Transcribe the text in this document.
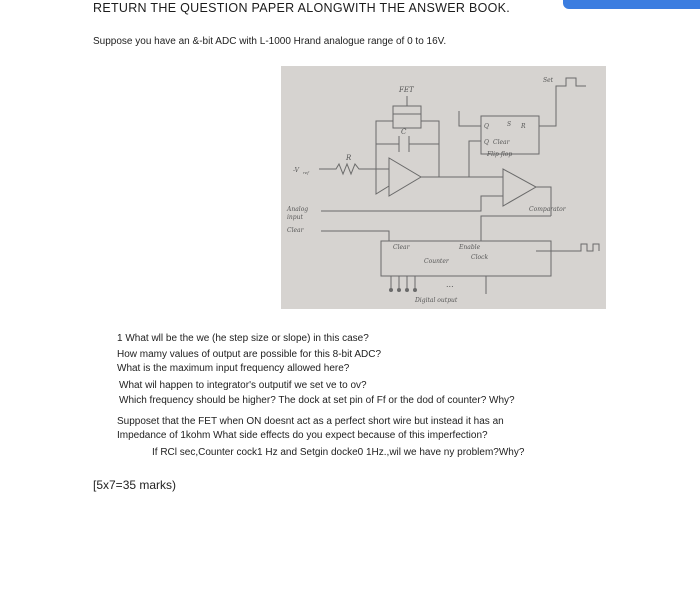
RETURN THE QUESTION PAPER ALONGWITH THE ANSWER BOOK.
Suppose you have an &-bit ADC with L-1000 Hrand analogue range of 0 to 16V.
FET
C
R
-V ref
Analog
input
Clear
Set
Q	S R
Q Clear
Flip flop
Comparator
Clear	Enable
Clock
Counter
...
Digital output
1 What wll be the we (he step size or slope) in this case?
How mamy values of output are possible for this 8-bit ADC?
What is the maximum input frequency allowed here?
What wil happen to integrator's outputif we set ve to ov?
Which frequency should be higher? The dock at set pin of Ff or the dod of counter? Why?
Supposet that the FET when ON doesnt act as a perfect short wire but instead it has an
Impedance of 1kohm What side effects do you expect because of this imperfection?
If RCl sec,Counter cock1 Hz and Setgin docke0 1Hz.,wil we have ny problem?Why?
[5x7=35 marks)
